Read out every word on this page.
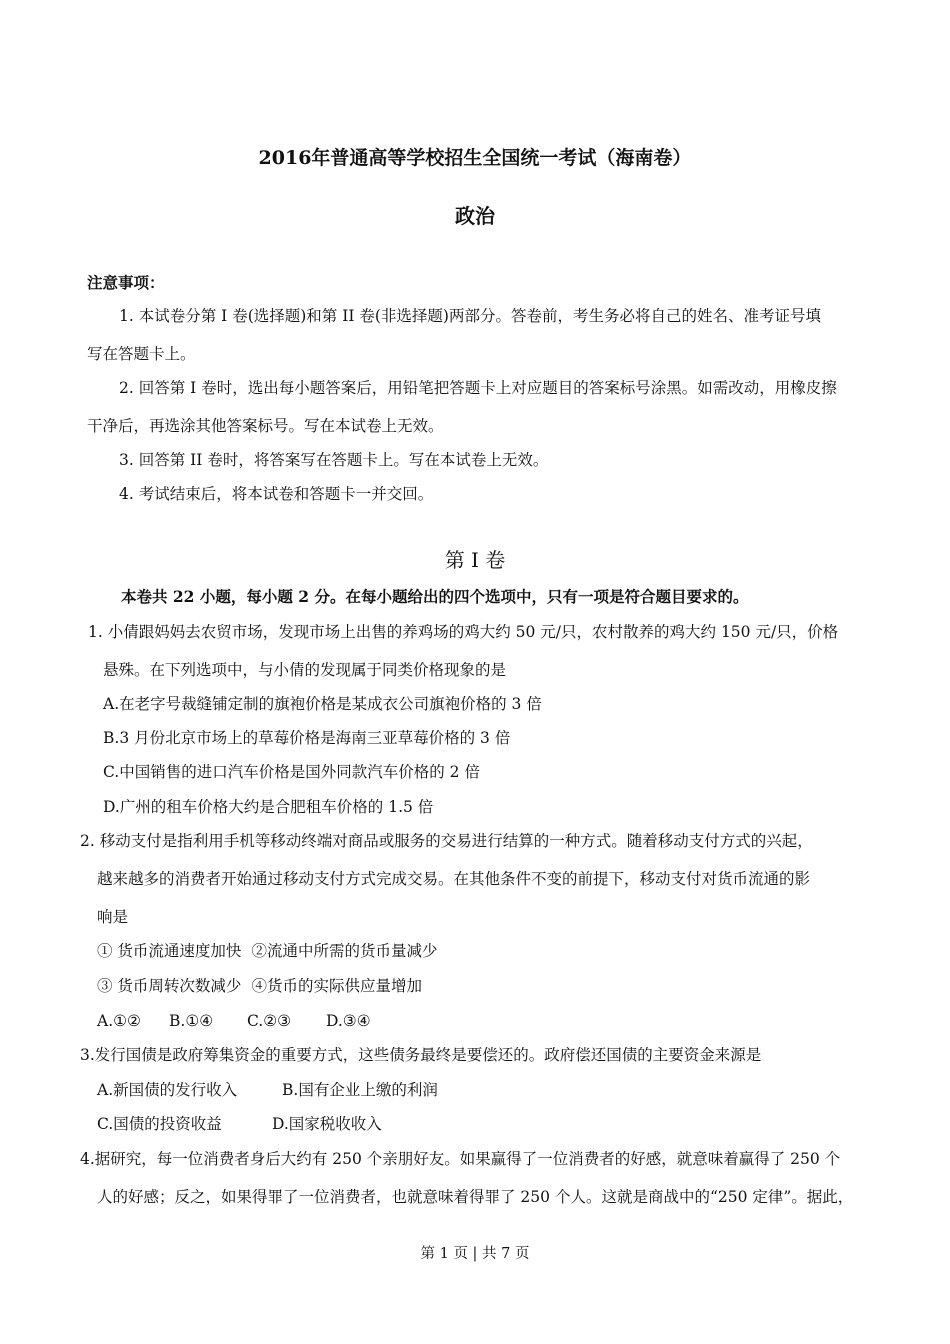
2016年普通高等学校招生全国统一考试（海南卷）
政治
注意事项：
1. 本试卷分第 I 卷(选择题)和第 II 卷(非选择题)两部分。答卷前，考生务必将自己的姓名、准考证号填
写在答题卡上。
2. 回答第 I 卷时，选出每小题答案后，用铅笔把答题卡上对应题目的答案标号涂黑。如需改动，用橡皮擦
干净后，再选涂其他答案标号。写在本试卷上无效。
3. 回答第 II 卷时，将答案写在答题卡上。写在本试卷上无效。
4. 考试结束后，将本试卷和答题卡一并交回。
第 I 卷
本卷共 22 小题，每小题 2 分。在每小题给出的四个选项中，只有一项是符合题目要求的。
1. 小倩跟妈妈去农贸市场，发现市场上出售的养鸡场的鸡大约 50 元/只，农村散养的鸡大约 150 元/只，价格
悬殊。在下列选项中，与小倩的发现属于同类价格现象的是
A.在老字号裁缝铺定制的旗袍价格是某成衣公司旗袍价格的 3 倍
B.3 月份北京市场上的草莓价格是海南三亚草莓价格的 3 倍
C.中国销售的进口汽车价格是国外同款汽车价格的 2 倍
D.广州的租车价格大约是合肥租车价格的 1.5 倍
2. 移动支付是指利用手机等移动终端对商品或服务的交易进行结算的一种方式。随着移动支付方式的兴起，
越来越多的消费者开始通过移动支付方式完成交易。在其他条件不变的前提下，移动支付对货币流通的影
响是
① 货币流通速度加快 ②流通中所需的货币量减少
③ 货币周转次数减少 ④货币的实际供应量增加
A.①② B.①④ C.②③ D.③④
3.发行国债是政府筹集资金的重要方式，这些债务最终是要偿还的。政府偿还国债的主要资金来源是
A.新国债的发行收入	B.国有企业上缴的利润
C.国债的投资收益	D.国家税收收入
4.据研究，每一位消费者身后大约有 250 个亲朋好友。如果赢得了一位消费者的好感，就意味着赢得了 250 个
人的好感；反之，如果得罪了一位消费者，也就意味着得罪了 250 个人。这就是商战中的“250 定律”。据此，
第 1 页 | 共 7 页
